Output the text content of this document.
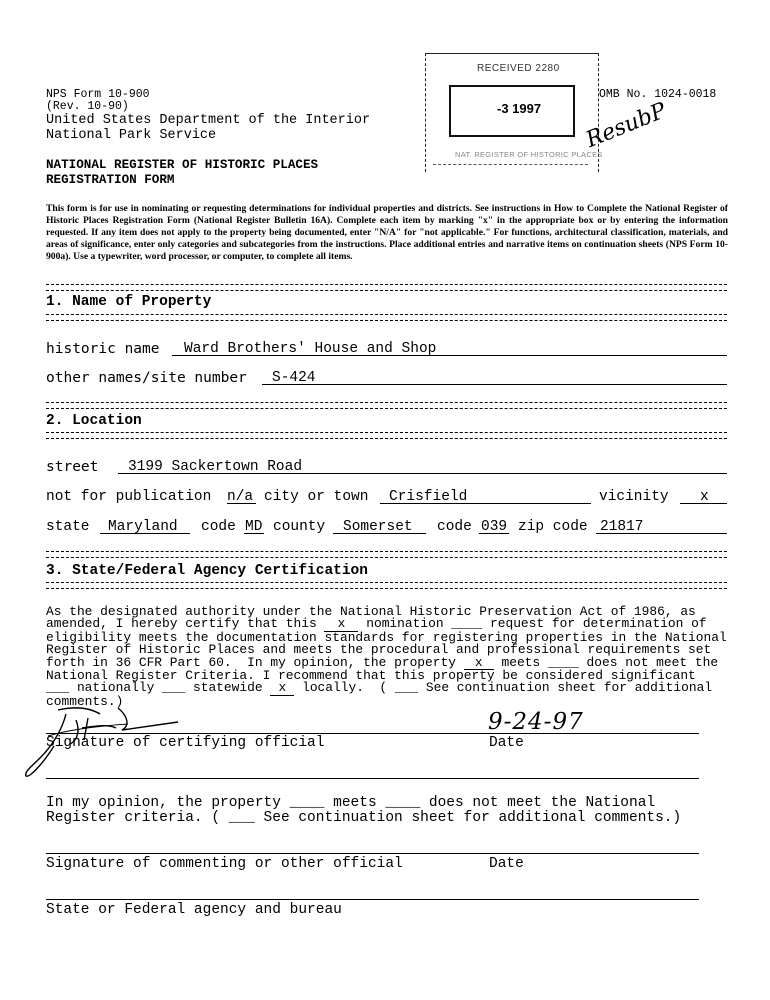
NPS Form 10-900
(Rev. 10-90)
United States Department of the Interior
National Park Service
OMB No. 1024-0018
NATIONAL REGISTER OF HISTORIC PLACES
REGISTRATION FORM
RECEIVED 2280
-3 1997
NAT. REGISTER OF HISTORIC PLACES
ResubP
This form is for use in nominating or requesting determinations for individual properties and districts. See instructions in How to Complete the National Register of Historic Places Registration Form (National Register Bulletin 16A). Complete each item by marking "x" in the appropriate box or by entering the information requested. If any item does not apply to the property being documented, enter "N/A" for "not applicable." For functions, architectural classification, materials, and areas of significance, enter only categories and subcategories from the instructions. Place additional entries and narrative items on continuation sheets (NPS Form 10-900a). Use a typewriter, word processor, or computer, to complete all items.
1. Name of Property
historic name Ward Brothers' House and Shop
other names/site number S-424
2. Location
street 3199 Sackertown Road
not for publication n/a city or town Crisfield	vicinity x
state Maryland code MD county Somerset code 039 zip code 21817
3. State/Federal Agency Certification
As the designated authority under the National Historic Preservation Act of 1986, as
amended, I hereby certify that this x nomination ____ request for determination of
eligibility meets the documentation standards for registering properties in the National
Register of Historic Places and meets the procedural and professional requirements set
forth in 36 CFR Part 60.  In my opinion, the property x meets ____ does not meet the
National Register Criteria. I recommend that this property be considered significant
___ nationally ___ statewide x locally.  ( ___ See continuation sheet for additional
comments.)
9-24-97
Signature of certifying official	Date
In my opinion, the property ____ meets ____ does not meet the National
Register criteria. ( ___ See continuation sheet for additional comments.)
Signature of commenting or other official	Date
State or Federal agency and bureau
